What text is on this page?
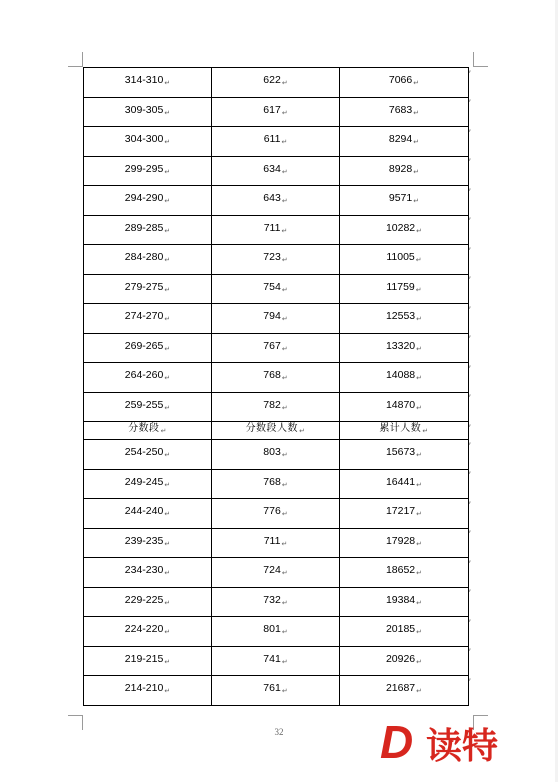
314-310↵	622↵	7066↵
309-305↵	617↵	7683↵
304-300↵	611↵	8294↵
299-295↵	634↵	8928↵
294-290↵	643↵	9571↵
289-285↵	711↵	10282↵
284-280↵	723↵	11005↵
279-275↵	754↵	11759↵
274-270↵	794↵	12553↵
269-265↵	767↵	13320↵
264-260↵	768↵	14088↵
259-255↵	782↵	14870↵
分数段$_↵$	分数段人数$_↵$	累计人数$_↵$
254-250↵	803↵	15673↵
249-245↵	768↵	16441↵
244-240↵	776↵	17217↵
239-235↵	711↵	17928↵
234-230↵	724↵	18652↵
229-225↵	732↵	19384↵
224-220↵	801↵	20185↵
219-215↵	741↵	20926↵
214-210↵	761↵	21687↵
′
′
′
′
′
′
′
′
′
′
′
′
′
′
′
′
′
′
′
′
′
′
32	D 读特
